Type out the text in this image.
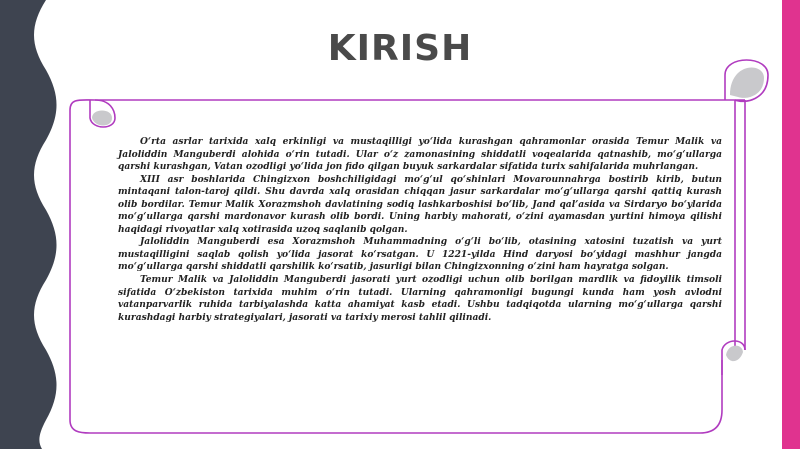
KIRISH

O‘rta asrlar tarixida xalq erkinligi va mustaqilligi yo‘lida kurashgan qahramonlar orasida Temur Malik va Jaloliddin Manguberdi alohida o‘rin tutadi. Ular o‘z zamonasining shiddatli voqealarida qatnashib, mo‘g‘ullarga qarshi kurashgan, Vatan ozodligi yo‘lida jon fido qilgan buyuk sarkardalar sifatida turix sahifalarida muhrlangan.

XIII asr boshlarida Chingizxon boshchiligidagi mo‘g‘ul qo‘shinlari Movarounnahrga bostirib kirib, butun mintaqani talon-taroj qildi. Shu davrda xalq orasidan chiqqan jasur sarkardalar mo‘g‘ullarga qarshi qattiq kurash olib bordilar. Temur Malik Xorazmshoh davlatining sodiq lashkarboshisi bo‘lib, Jand qal’asida va Sirdaryo bo‘ylarida mo‘g‘ullarga qarshi mardonavor kurash olib bordi. Uning harbiy mahorati, o‘zini ayamasdan yurtini himoya qilishi haqidagi rivoyatlar xalq xotirasida uzoq saqlanib qolgan.

Jaloliddin Manguberdi esa Xorazmshoh Muhammadning o‘g‘li bo‘lib, otasining xatosini tuzatish va yurt mustaqilligini saqlab qolish yo‘lida jasorat ko‘rsatgan. U 1221-yilda Hind daryosi bo‘yidagi mashhur jangda mo‘g‘ullarga qarshi shiddatli qarshilik ko‘rsatib, jasurligi bilan Chingizxonning o‘zini ham hayratga solgan.

Temur Malik va Jaloliddin Manguberdi jasorati yurt ozodligi uchun olib borilgan mardlik va fidoyilik timsoli sifatida O‘zbekiston tarixida muhim o‘rin tutadi. Ularning qahramonligi bugungi kunda ham yosh avlodni vatanparvarlik ruhida tarbiyalashda katta ahamiyat kasb etadi. Ushbu tadqiqotda ularning mo‘g‘ullarga qarshi kurashdagi harbiy strategiyalari, jasorati va tarixiy merosi tahlil qilinadi.
